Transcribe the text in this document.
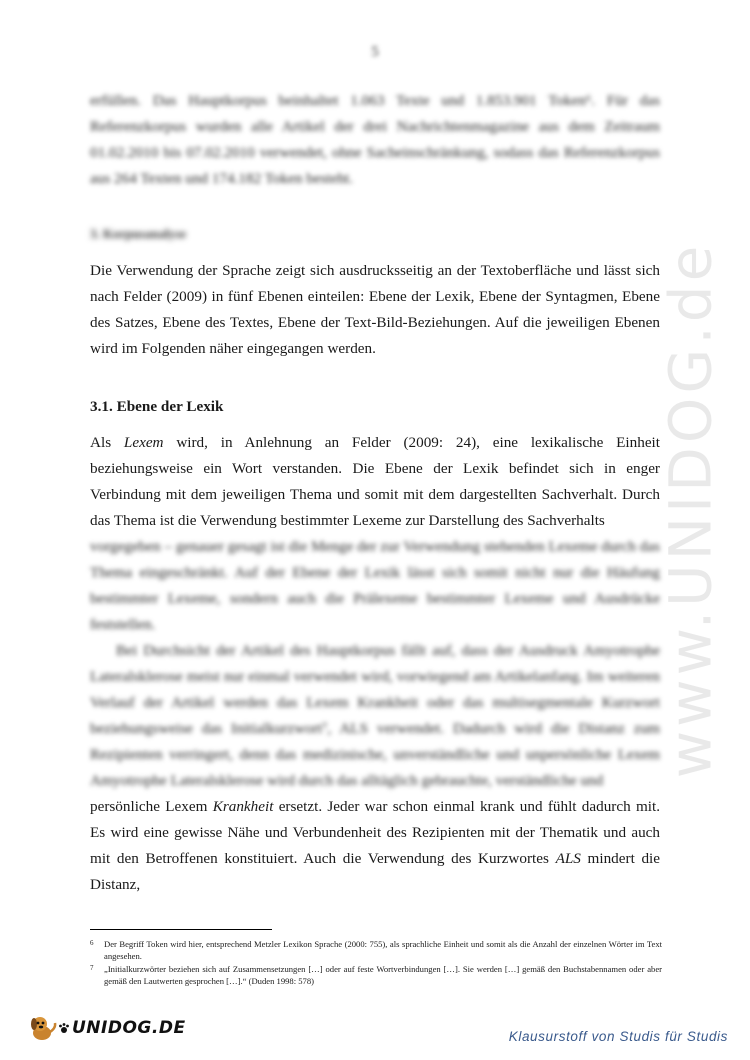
5

erfüllen. Das Hauptkorpus beinhaltet 1.063 Texte und 1.853.901 Token⁶. Für das Referenzkorpus wurden alle Artikel der drei Nachrichtenmagazine aus dem Zeitraum 01.02.2010 bis 07.02.2010 verwendet, ohne Sacheinschränkung, sodass das Referenzkorpus aus 264 Texten und 174.182 Token besteht.

3. Korpusanalyse

Die Verwendung der Sprache zeigt sich ausdrucksseitig an der Textoberfläche und lässt sich nach Felder (2009) in fünf Ebenen einteilen: Ebene der Lexik, Ebene der Syntagmen, Ebene des Satzes, Ebene des Textes, Ebene der Text-Bild-Beziehungen. Auf die jeweiligen Ebenen wird im Folgenden näher eingegangen werden.

3.1. Ebene der Lexik

Als Lexem wird, in Anlehnung an Felder (2009: 24), eine lexikalische Einheit beziehungsweise ein Wort verstanden. Die Ebene der Lexik befindet sich in enger Verbindung mit dem jeweiligen Thema und somit mit dem dargestellten Sachverhalt. Durch das Thema ist die Verwendung bestimmter Lexeme zur Darstellung des Sachverhalts

vorgegeben – genauer gesagt ist die Menge der zur Verwendung stehenden Lexeme durch das Thema eingeschränkt. Auf der Ebene der Lexik lässt sich somit nicht nur die Häufung bestimmter Lexeme, sondern auch die Prälexeme bestimmter Lexeme und Ausdrücke feststellen.

Bei Durchsicht der Artikel des Hauptkorpus fällt auf, dass der Ausdruck Amyotrophe Lateralsklerose meist nur einmal verwendet wird, vorwiegend am Artikelanfang. Im weiteren Verlauf der Artikel werden das Lexem Krankheit oder das multisegmentale Kurzwort beziehungsweise das Initialkurzwort⁷, ALS verwendet. Dadurch wird die Distanz zum Rezipienten verringert, denn das medizinische, unverständliche und unpersönliche Lexem Amyotrophe Lateralsklerose wird durch das alltäglich gebrauchte, verständliche und

persönliche Lexem Krankheit ersetzt. Jeder war schon einmal krank und fühlt dadurch mit. Es wird eine gewisse Nähe und Verbundenheit des Rezipienten mit der Thematik und auch mit den Betroffenen konstituiert. Auch die Verwendung des Kurzwortes ALS mindert die Distanz,

6	Der Begriff Token wird hier, entsprechend Metzler Lexikon Sprache (2000: 755), als sprachliche Einheit und somit als die Anzahl der einzelnen Wörter im Text angesehen.
7	„Initialkurzwörter beziehen sich auf Zusammensetzungen […] oder auf feste Wortverbindungen […]. Sie werden […] gemäß den Buchstabennamen oder aber gemäß den Lautwerten gesprochen […].“ (Duden 1998: 578)
www.UNIDOG.de
UNIDOG.DE	Klausurstoff von Studis für Studis
